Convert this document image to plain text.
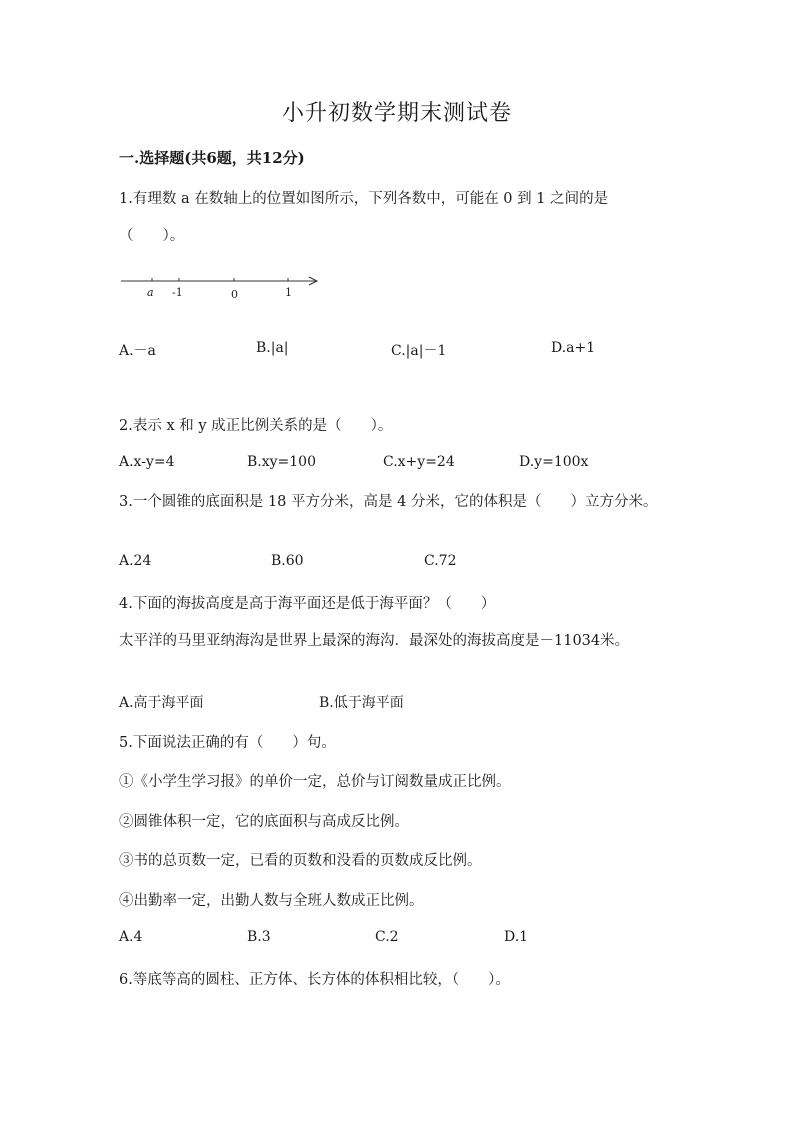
小升初数学期末测试卷
一.选择题(共6题，共12分)
1.有理数 a 在数轴上的位置如图所示，下列各数中，可能在 0 到 1 之间的是
（　　）。
a -1	0	1
A.－a	B.|a|	C.|a|－1	D.a+1
2.表示 x 和 y 成正比例关系的是（　　）。
A.x-y=4	B.xy=100	C.x+y=24	D.y=100x
3.一个圆锥的底面积是 18 平方分米，高是 4 分米，它的体积是（　　）立方分米。
A.24	B.60	C.72
4.下面的海拔高度是高于海平面还是低于海平面？（　　）
太平洋的马里亚纳海沟是世界上最深的海沟．最深处的海拔高度是－11034米。
A.高于海平面	B.低于海平面
5.下面说法正确的有（　　）句。
①《小学生学习报》的单价一定，总价与订阅数量成正比例。
②圆锥体积一定，它的底面积与高成反比例。
③书的总页数一定，已看的页数和没看的页数成反比例。
④出勤率一定，出勤人数与全班人数成正比例。
A.4	B.3	C.2	D.1
6.等底等高的圆柱、正方体、长方体的体积相比较，（　　）。
